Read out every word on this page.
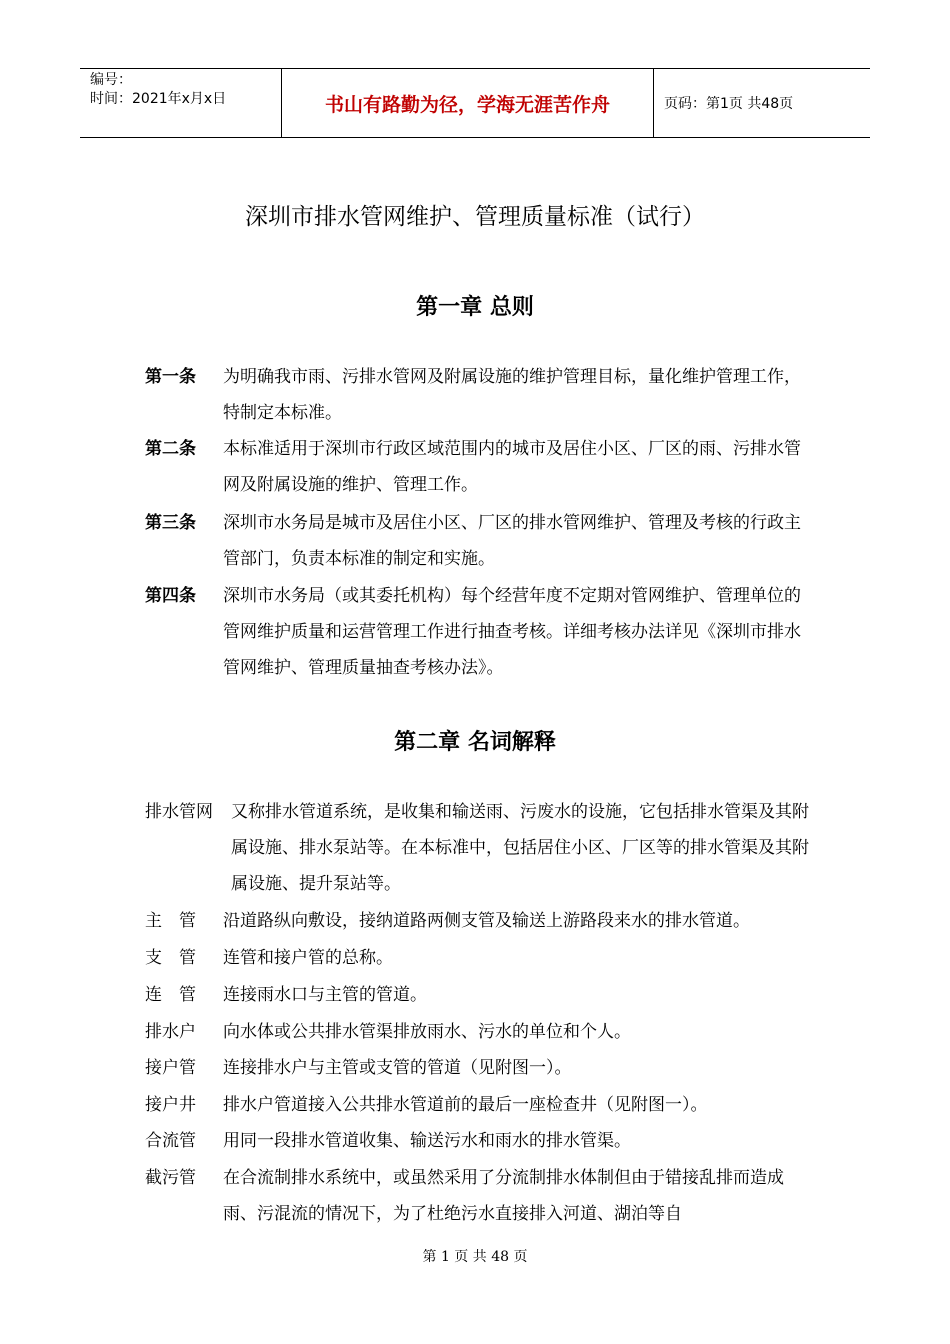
编号：
时间：2021年x月x日	书山有路勤为径，学海无涯苦作舟	页码：第1页 共48页
深圳市排水管网维护、管理质量标准（试行）
第一章 总则
第一条 为明确我市雨、污排水管网及附属设施的维护管理目标，量化维护管理工作，特制定本标准。
第二条 本标准适用于深圳市行政区域范围内的城市及居住小区、厂区的雨、污排水管网及附属设施的维护、管理工作。
第三条 深圳市水务局是城市及居住小区、厂区的排水管网维护、管理及考核的行政主管部门，负责本标准的制定和实施。
第四条 深圳市水务局（或其委托机构）每个经营年度不定期对管网维护、管理单位的管网维护质量和运营管理工作进行抽查考核。详细考核办法详见《深圳市排水管网维护、管理质量抽查考核办法》。
第二章 名词解释
排水管网 又称排水管道系统，是收集和输送雨、污废水的设施，它包括排水管渠及其附属设施、排水泵站等。在本标准中，包括居住小区、厂区等的排水管渠及其附属设施、提升泵站等。
主　管 沿道路纵向敷设，接纳道路两侧支管及输送上游路段来水的排水管道。
支　管 连管和接户管的总称。
连　管 连接雨水口与主管的管道。
排水户 向水体或公共排水管渠排放雨水、污水的单位和个人。
接户管 连接排水户与主管或支管的管道（见附图一）。
接户井 排水户管道接入公共排水管道前的最后一座检查井（见附图一）。
合流管 用同一段排水管道收集、输送污水和雨水的排水管渠。
截污管 在合流制排水系统中，或虽然采用了分流制排水体制但由于错接乱排而造成雨、污混流的情况下，为了杜绝污水直接排入河道、湖泊等自
第 1 页 共 48 页
